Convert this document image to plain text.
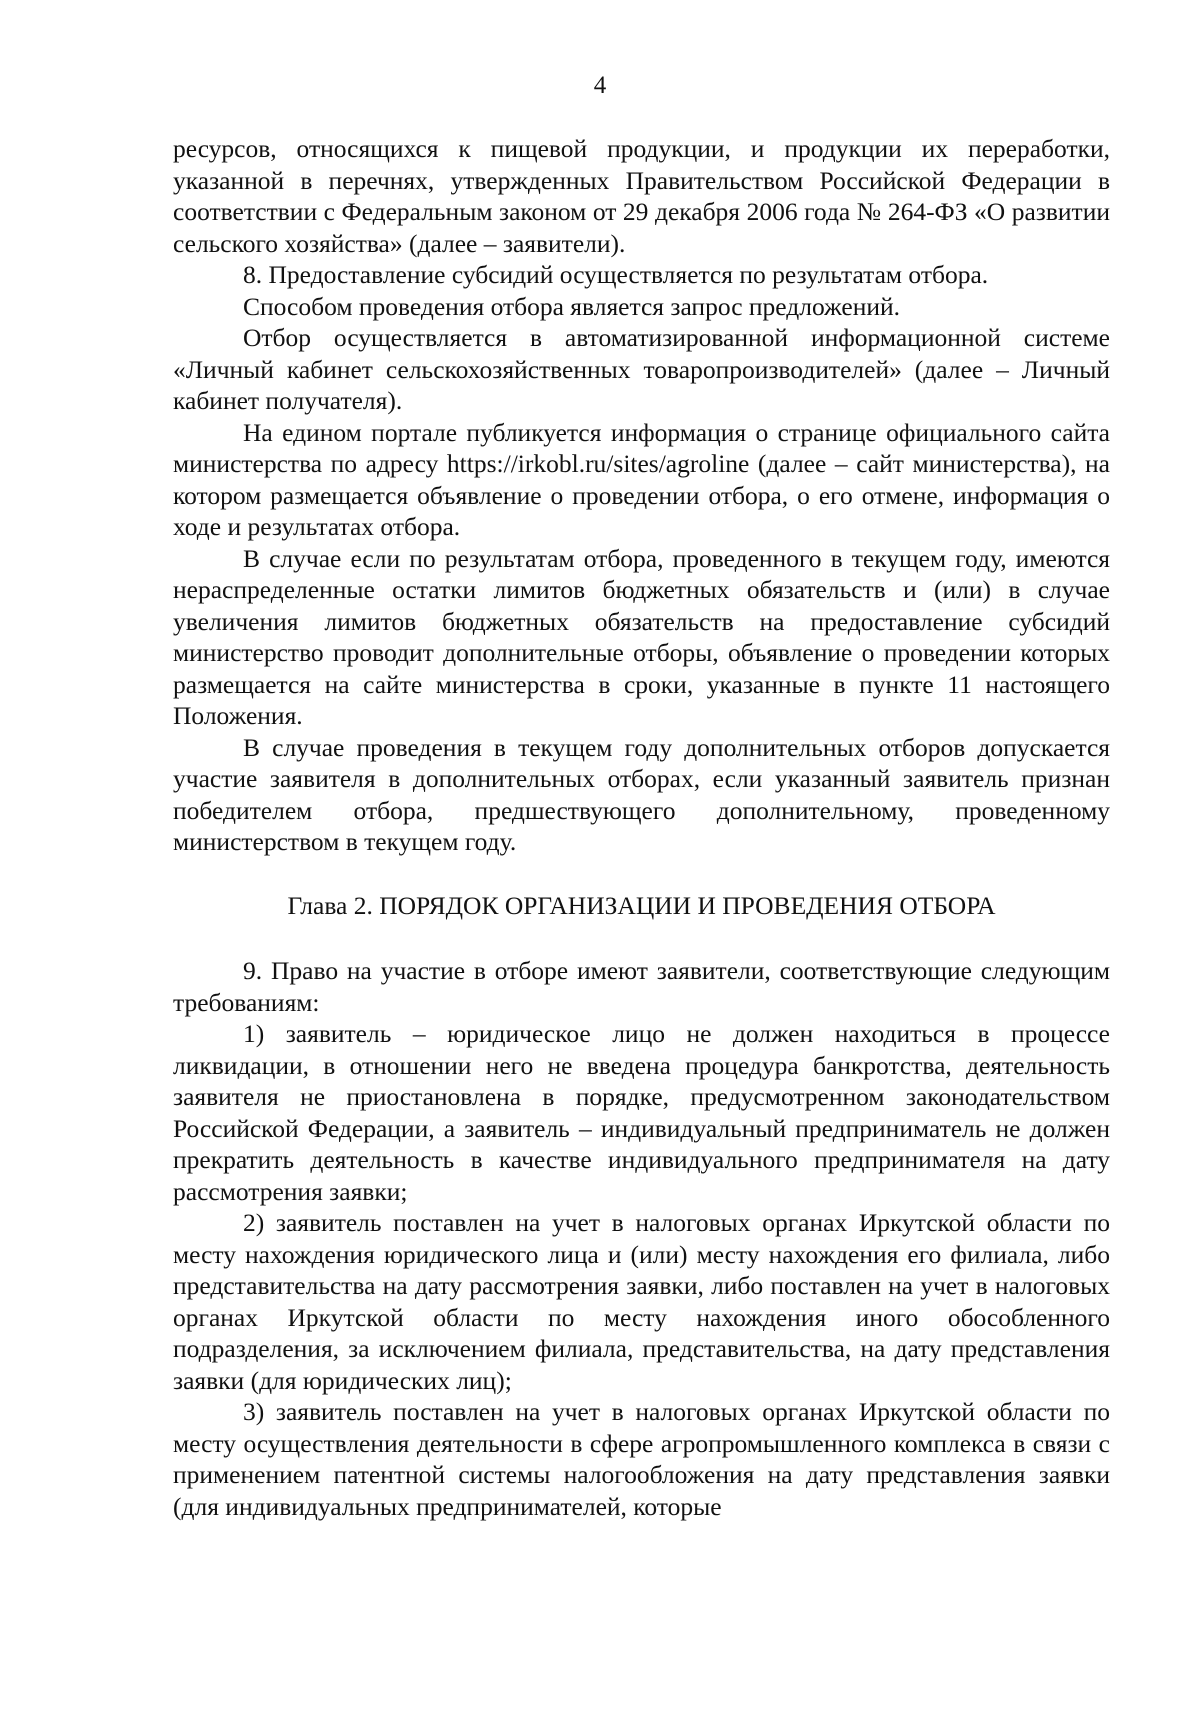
4

ресурсов, относящихся к пищевой продукции, и продукции их переработки, указанной в перечнях, утвержденных Правительством Российской Федерации в соответствии с Федеральным законом от 29 декабря 2006 года № 264-ФЗ «О развитии сельского хозяйства» (далее – заявители).

8. Предоставление субсидий осуществляется по результатам отбора.

Способом проведения отбора является запрос предложений.

Отбор осуществляется в автоматизированной информационной системе «Личный кабинет сельскохозяйственных товаропроизводителей» (далее – Личный кабинет получателя).

На едином портале публикуется информация о странице официального сайта министерства по адресу https://irkobl.ru/sites/agroline (далее – сайт министерства), на котором размещается объявление о проведении отбора, о его отмене, информация о ходе и результатах отбора.

В случае если по результатам отбора, проведенного в текущем году, имеются нераспределенные остатки лимитов бюджетных обязательств и (или) в случае увеличения лимитов бюджетных обязательств на предоставление субсидий министерство проводит дополнительные отборы, объявление о проведении которых размещается на сайте министерства в сроки, указанные в пункте 11 настоящего Положения.

В случае проведения в текущем году дополнительных отборов допускается участие заявителя в дополнительных отборах, если указанный заявитель признан победителем отбора, предшествующего дополнительному, проведенному министерством в текущем году.

Глава 2. ПОРЯДОК ОРГАНИЗАЦИИ И ПРОВЕДЕНИЯ ОТБОРА

9. Право на участие в отборе имеют заявители, соответствующие следующим требованиям:

1) заявитель – юридическое лицо не должен находиться в процессе ликвидации, в отношении него не введена процедура банкротства, деятельность заявителя не приостановлена в порядке, предусмотренном законодательством Российской Федерации, а заявитель – индивидуальный предприниматель не должен прекратить деятельность в качестве индивидуального предпринимателя на дату рассмотрения заявки;

2) заявитель поставлен на учет в налоговых органах Иркутской области по месту нахождения юридического лица и (или) месту нахождения его филиала, либо представительства на дату рассмотрения заявки, либо поставлен на учет в налоговых органах Иркутской области по месту нахождения иного обособленного подразделения, за исключением филиала, представительства, на дату представления заявки (для юридических лиц);

3) заявитель поставлен на учет в налоговых органах Иркутской области по месту осуществления деятельности в сфере агропромышленного комплекса в связи с применением патентной системы налогообложения на дату представления заявки (для индивидуальных предпринимателей, которые
